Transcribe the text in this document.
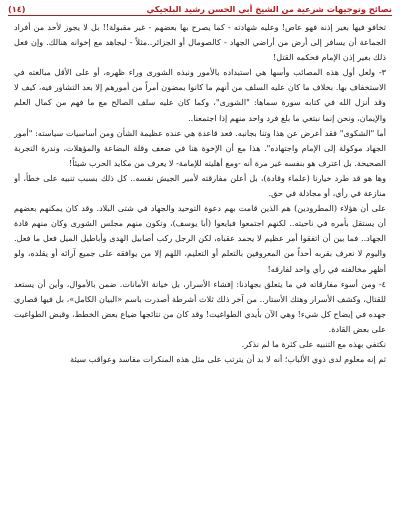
نصائح وتوجيهات شرعية من الشيخ أبي الحسن رشيد البلجيكي
(١٤)

تخافو فيها بغير إذنه فهو عاص! وعليه شهادته - كما يصرح بها بعضهم - غير مقبولة!! بل لا يجوز لأحد من أفراد الجماعة أن يسافر إلى أرض من أراضي الجهاد - كالصومال أو الجزائر..مثلاً - ليجاهد مع إخوانه هنالك. وإن فعل ذلك بغير إذن الإمام فحكمه القتل!

٣- ولعل أول هذه المصائب وأسها هي استبداده بالأمور ونبذه الشورى وراء ظهره، أو على الأقل مبالغته في الاستخفاف بها. بخلاف ما كان عليه السلف من أنهم ما كانوا يمضون أمراً من أمورهم إلا بعد التشاور فيه، كيف لا وقد أنزل الله في كتابه سورة سماها: "الشورى"، وكما كان عليه سلف الصالح مع ما فهم من كمال العلم والإيمان، ونحن إنما نبتغي ما بلغ فرد واحد منهم إذا اجتمعنا..

أما "الشكوى" فقد أعرض عن هذا وتنا بجانبه. فعد قاعدة هي عنده عظيمة الشأن ومن أساسيات سياسته: "أمور الجهاد موكولة إلى الإمام واجتهاده". هذا مع أن الإخوة هنا في ضعف وقلة البضاعة والمؤهلات، وندرة التجربة الصحيحة. بل اعترف هو بنفسه غير مرة أنه -ومع أهليته للإمامة- لا يعرف من مكايد الحرب شيئاً!

وها هو قد طرد خيارنا (علماء وقادة)، بل أعلن مفارقته لأمير الجيش نفسه.. كل ذلك بسبب تنبيه على خطأ، أو منازعة في رأي، أو مجادلة في حق.

على أن هؤلاء (المطرودين) هم الذين قامت بهم دعوة التوحيد والجهاد في شتى البلاد. وقد كان يمكنهم بعضهم أن يستقل بأمره في ناحيته.. لكنهم اجتمعوا فبايعوا (أبا يوسف)، وتكون منهم مجلس الشورى وكان منهم قادة الجهاد.. فما بين أن اتفقوا أمر عظيم لا يحمد عقباه، لكن الرجل ركب أصابيل الهدى وأباطيل الميل فعل ما فعل. واليوم لا نعرف بقربه أحداً من المعروفين بالتعلم أو التعليم، اللهم إلا من يوافقه على جميع آرائه أو يقلده، ولو أظهر مخالفته في رأي واحد لفارقه!

٤- ومن أسوء مفارقاته في ما يتعلق بجهادنا: إفشاء الأسرار، بل خيانة الأمانات. ضمن بالأموال، وأين أن يستعد للقتال، وكشف الأسرار وهتك الأستار.. من آخر ذلك ثلاث أشرطة أصدرت باسم «البيان الكامل»، بل فيها قصاري جهده في إيضاح كل شيء! وهي الآن بأيدي الطواغيت! وقد كان من نتائجها ضياع بعض الخطط، وقبض الطواغيت على بعض القادة.

نكتفي بهذه مع التنبيه على كثرة ما لم نذكر.

ثم إنه معلوم لدى ذوي الألباب؛ أنه لا بد أن يترتب على مثل هذه المنكرات مفاسد وعواقب سيئة
